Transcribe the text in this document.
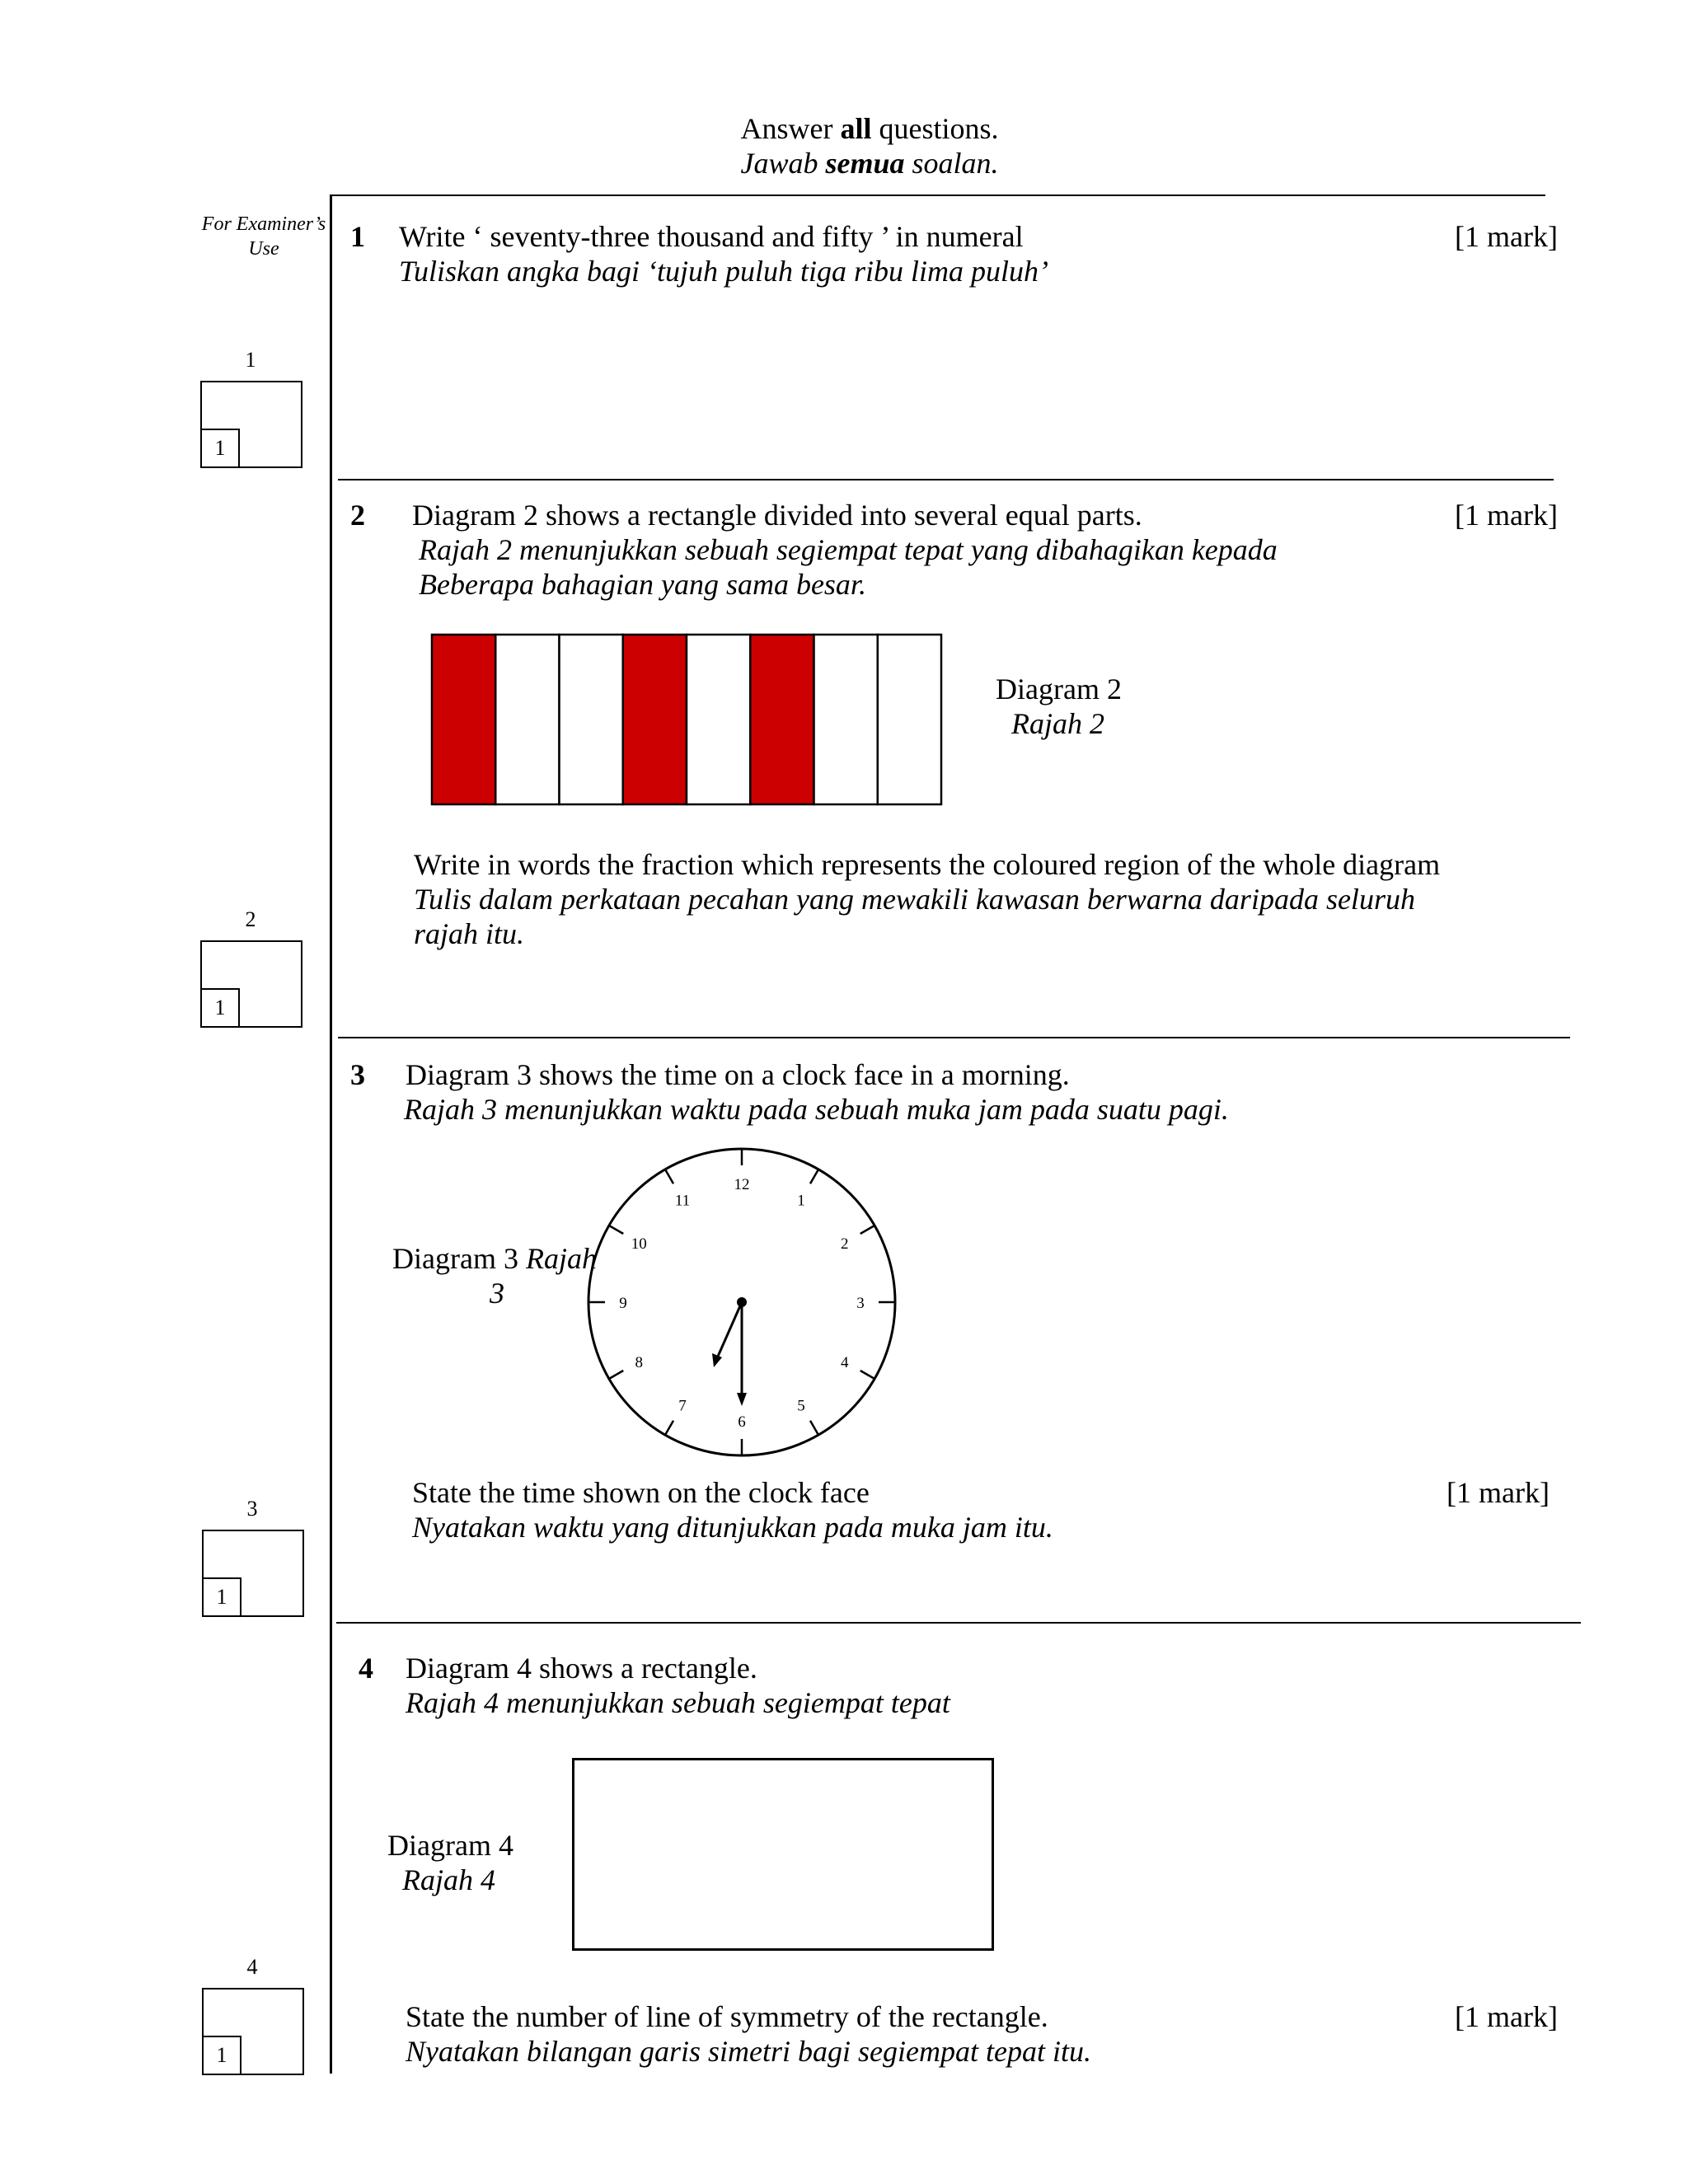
Answer all questions.
Jawab semua soalan.
For Examiner’s
Use
1
1
2
1
3
1
4
1
1 Write ‘ seventy-three thousand and fifty ’ in numeral
Tuliskan angka bagi ‘tujuh puluh tiga ribu lima puluh’
[1 mark]
2 Diagram 2 shows a rectangle divided into several equal parts.
Rajah 2 menunjukkan sebuah segiempat tepat yang dibahagikan kepada
Beberapa bahagian yang sama besar.
[1 mark]
Diagram 2
Rajah 2
Write in words the fraction which represents the coloured region of the whole diagram
Tulis dalam perkataan pecahan yang mewakili kawasan berwarna daripada seluruh
rajah itu.
3 Diagram 3 shows the time on a clock face in a morning.
Rajah 3 menunjukkan waktu pada sebuah muka jam pada suatu pagi.
Diagram 3 Rajah
3
12
1
2
3
4
5
6
7
8
9
10
11
State the time shown on the clock face
Nyatakan waktu yang ditunjukkan pada muka jam itu.
[1 mark]
4 Diagram 4 shows a rectangle.
Rajah 4 menunjukkan sebuah segiempat tepat
Diagram 4
Rajah 4
State the number of line of symmetry of the rectangle.
Nyatakan bilangan garis simetri bagi segiempat tepat itu.
[1 mark]
